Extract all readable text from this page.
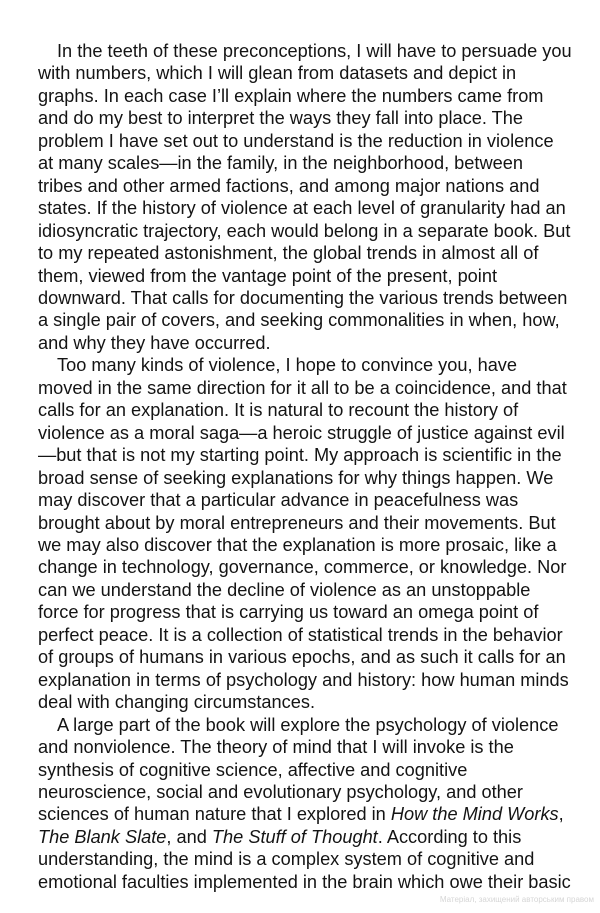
In the teeth of these preconceptions, I will have to persuade you
with numbers, which I will glean from datasets and depict in
graphs. In each case I’ll explain where the numbers came from
and do my best to interpret the ways they fall into place. The
problem I have set out to understand is the reduction in violence
at many scales—in the family, in the neighborhood, between
tribes and other armed factions, and among major nations and
states. If the history of violence at each level of granularity had an
idiosyncratic trajectory, each would belong in a separate book. But
to my repeated astonishment, the global trends in almost all of
them, viewed from the vantage point of the present, point
downward. That calls for documenting the various trends between
a single pair of covers, and seeking commonalities in when, how,
and why they have occurred.
Too many kinds of violence, I hope to convince you, have
moved in the same direction for it all to be a coincidence, and that
calls for an explanation. It is natural to recount the history of
violence as a moral saga—a heroic struggle of justice against evil
—but that is not my starting point. My approach is scientific in the
broad sense of seeking explanations for why things happen. We
may discover that a particular advance in peacefulness was
brought about by moral entrepreneurs and their movements. But
we may also discover that the explanation is more prosaic, like a
change in technology, governance, commerce, or knowledge. Nor
can we understand the decline of violence as an unstoppable
force for progress that is carrying us toward an omega point of
perfect peace. It is a collection of statistical trends in the behavior
of groups of humans in various epochs, and as such it calls for an
explanation in terms of psychology and history: how human minds
deal with changing circumstances.
A large part of the book will explore the psychology of violence
and nonviolence. The theory of mind that I will invoke is the
synthesis of cognitive science, affective and cognitive
neuroscience, social and evolutionary psychology, and other
sciences of human nature that I explored in How the Mind Works,
The Blank Slate, and The Stuff of Thought. According to this
understanding, the mind is a complex system of cognitive and
emotional faculties implemented in the brain which owe their basic
Матеріал, захищений авторським правом
